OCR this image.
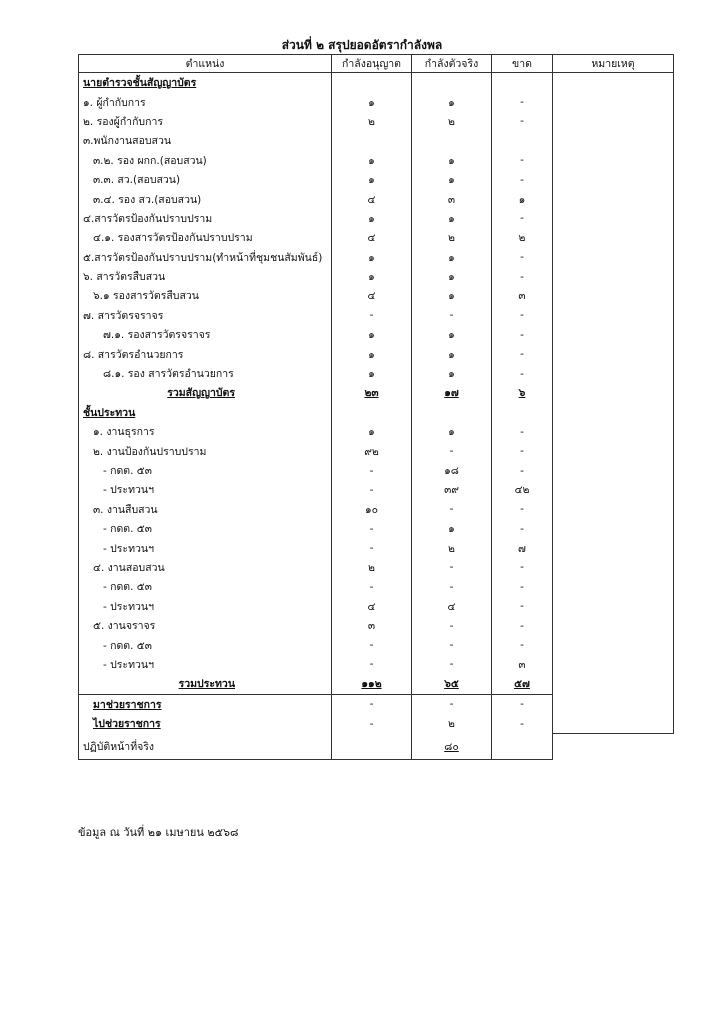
ส่วนที่ ๒ สรุปยอดอัตรากำลังพล
ตำแหน่ง	กำลังอนุญาต	กำลังตัวจริง	ขาด	หมายเหตุ
นายตำรวจชั้นสัญญาบัตร				
๑. ผู้กำกับการ	๑	๑	-	
๒. รองผู้กำกับการ	๒	๒	-	
๓.พนักงานสอบสวน				
๓.๒. รอง ผกก.(สอบสวน)	๑	๑	-	
๓.๓. สว.(สอบสวน)	๑	๑	-	
๓.๔. รอง สว.(สอบสวน)	๔	๓	๑	
๔.สารวัตรป้องกันปราบปราม	๑	๑	-	
๔.๑. รองสารวัตรป้องกันปราบปราม	๔	๒	๒	
๕.สารวัตรป้องกันปราบปราม(ทำหน้าที่ชุมชนสัมพันธ์)	๑	๑	-	
๖. สารวัตรสืบสวน	๑	๑	-	
๖.๑ รองสารวัตรสืบสวน	๔	๑	๓	
๗. สารวัตรจราจร	-	-	-	
๗.๑. รองสารวัตรจราจร	๑	๑	-	
๘. สารวัตรอำนวยการ	๑	๑	-	
๘.๑. รอง สารวัตรอำนวยการ	๑	๑	-	
รวมสัญญาบัตร	๒๓	๑๗	๖	
ชั้นประทวน				
๑. งานธุรการ	๑	๑	-	
๒. งานป้องกันปราบปราม	๙๒	-	-	
- กดต. ๕๓	-	๑๘	-	
- ประทวนฯ	-	๓๙	๔๒	
๓. งานสืบสวน	๑๐	-	-	
- กดต. ๕๓	-	๑	-	
- ประทวนฯ	-	๒	๗	
๔. งานสอบสวน	๒	-	-	
- กดต. ๕๓	-	-	-	
- ประทวนฯ	๔	๔	-	
๕. งานจราจร	๓	-	-	
- กดต. ๕๓	-	-	-	
- ประทวนฯ	-	-	๓	
รวมประทวน	๑๑๒	๖๕	๕๗	
มาช่วยราชการ	-	-	-	
ไปช่วยราชการ	-	๒	-	
ปฏิบัติหน้าที่จริง		๘๐		
ข้อมูล ณ วันที่ ๒๑ เมษายน ๒๕๖๘
